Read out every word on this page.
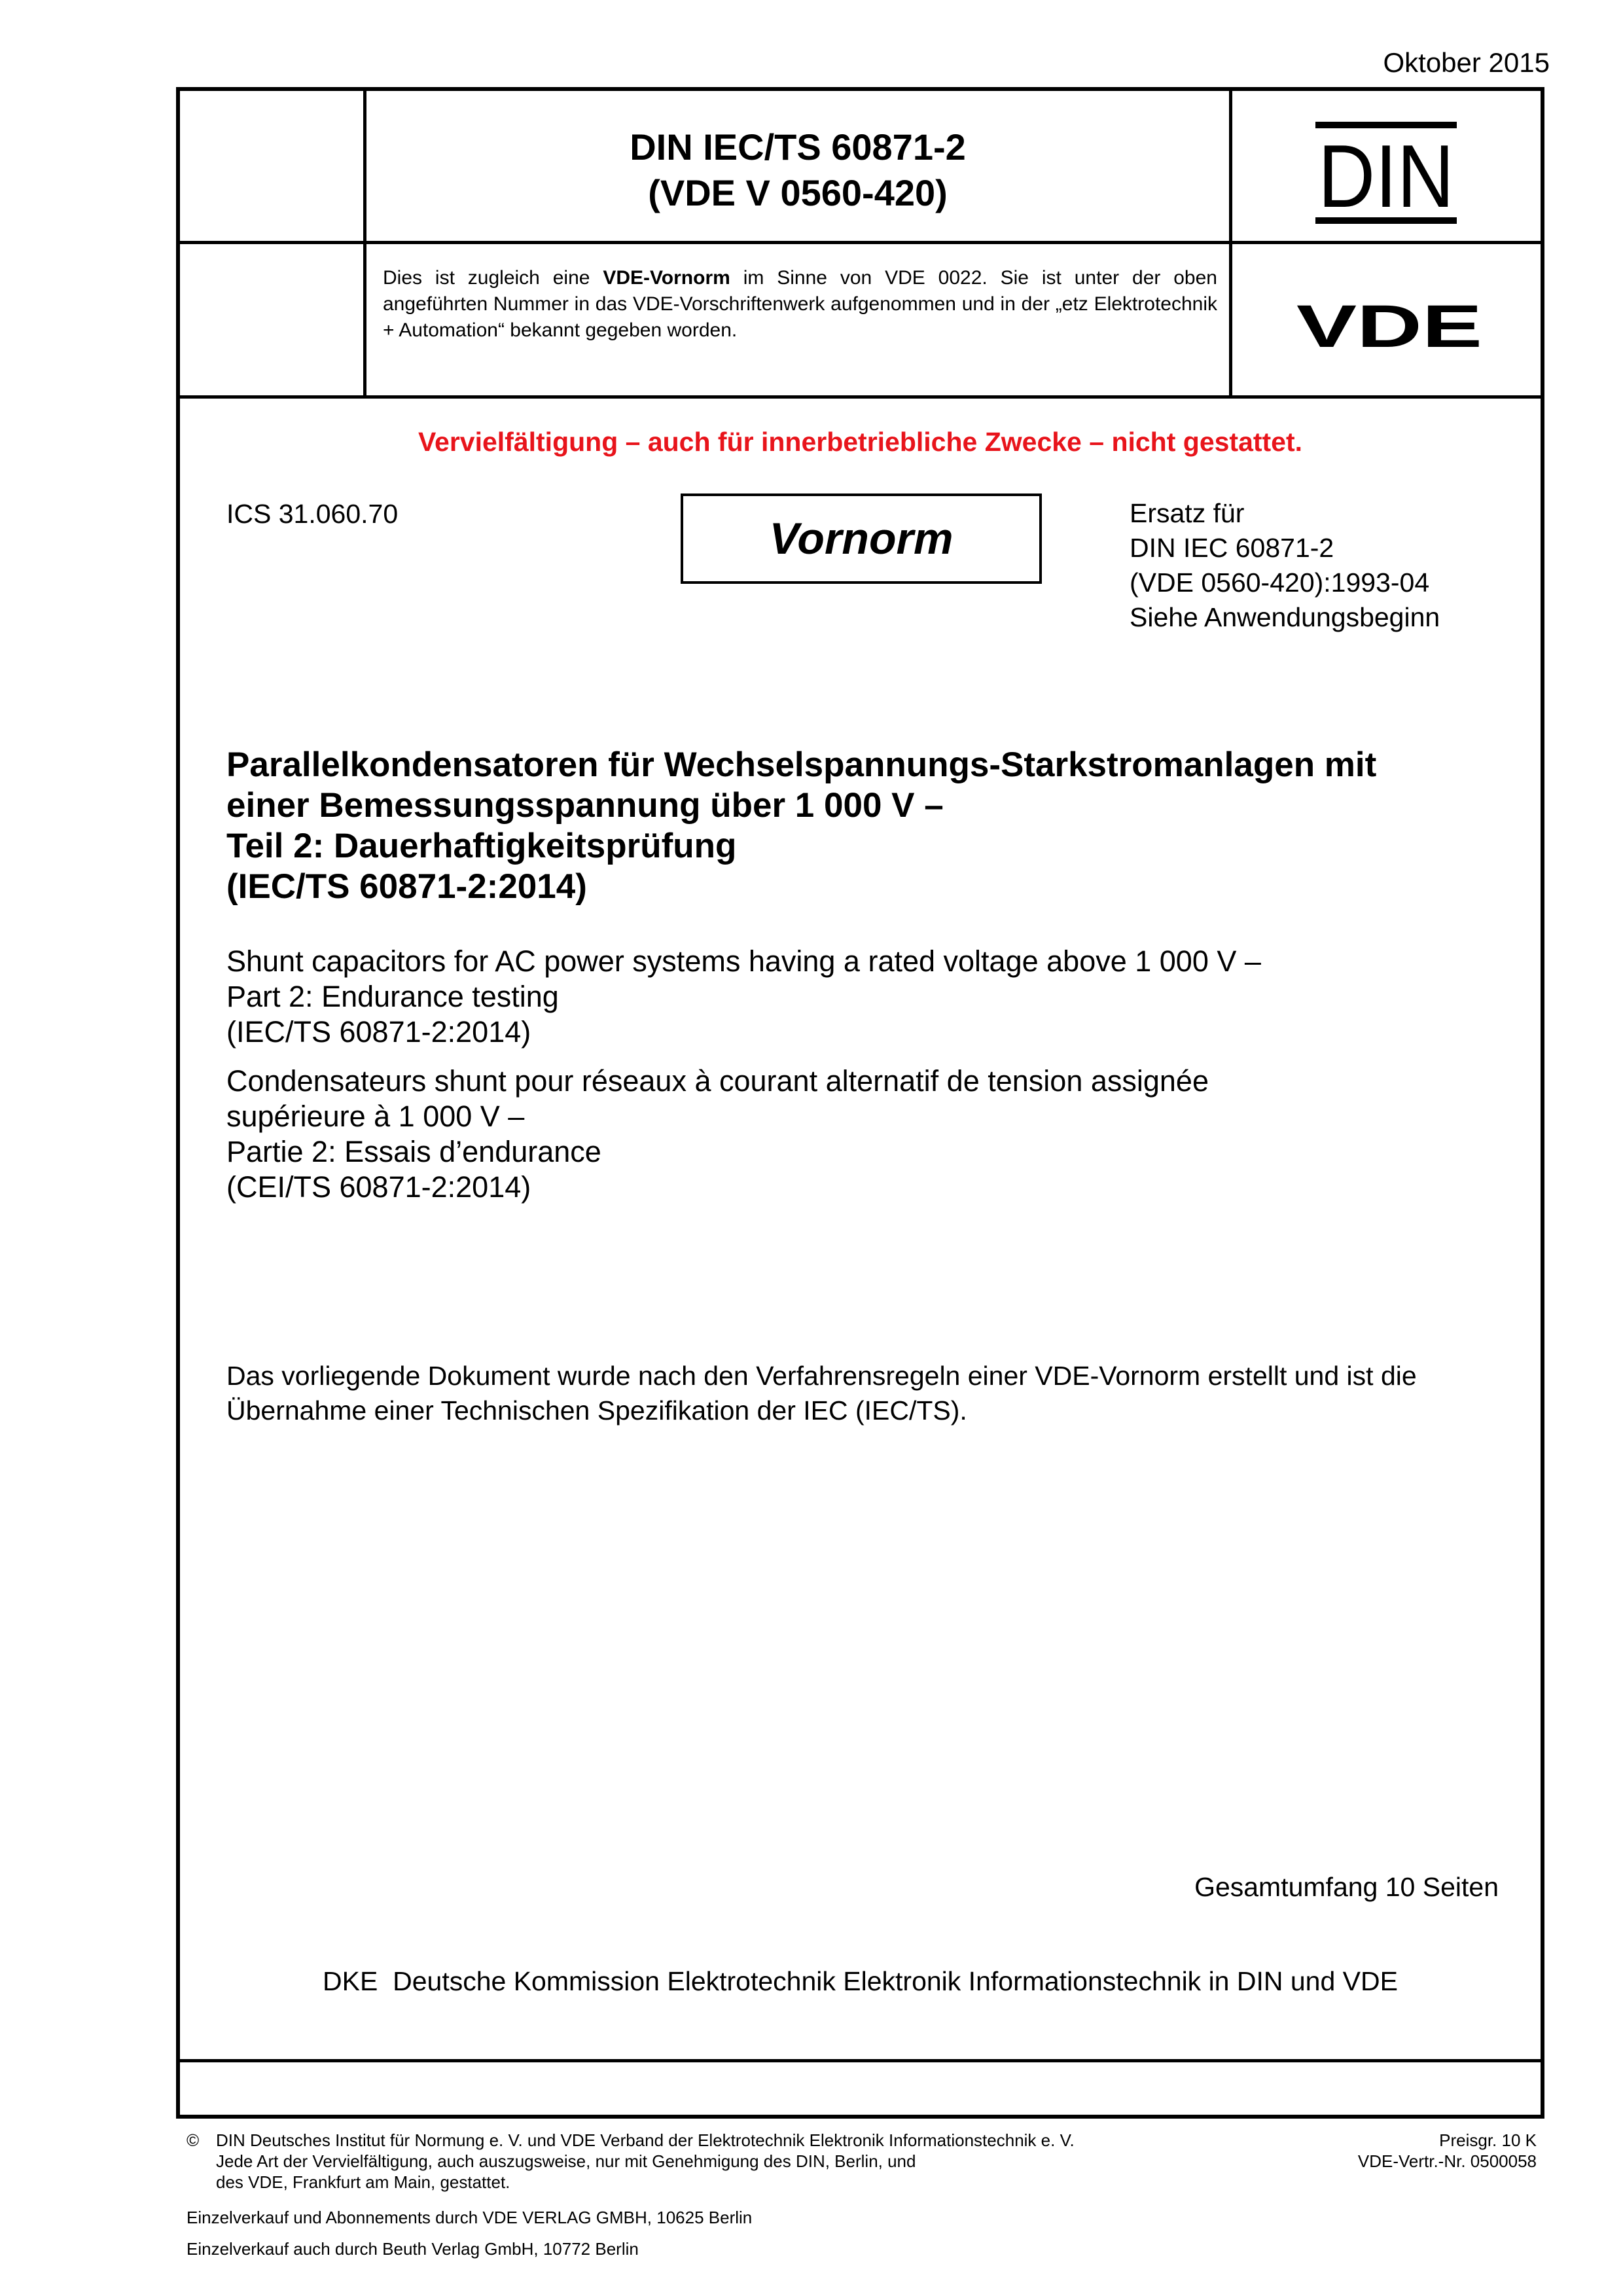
Oktober 2015
DIN IEC/TS 60871-2
(VDE V 0560-420)	DIN
VDE
Dies ist zugleich eine VDE-Vornorm im Sinne von VDE 0022. Sie ist unter der oben angeführten Nummer in das VDE-Vorschriftenwerk aufgenommen und in der „etz Elektrotechnik + Automation“ bekannt gegeben worden.
Vervielfältigung – auch für innerbetriebliche Zwecke – nicht gestattet.
ICS 31.060.70	Vornorm
Ersatz für
DIN IEC 60871-2
(VDE 0560-420):1993-04
Siehe Anwendungsbeginn
Parallelkondensatoren für Wechselspannungs-Starkstromanlagen mit
einer Bemessungsspannung über 1 000 V –
Teil 2: Dauerhaftigkeitsprüfung
(IEC/TS 60871-2:2014)
Shunt capacitors for AC power systems having a rated voltage above 1 000 V –
Part 2: Endurance testing
(IEC/TS 60871-2:2014)
Condensateurs shunt pour réseaux à courant alternatif de tension assignée
supérieure à 1 000 V –
Partie 2: Essais d’endurance
(CEI/TS 60871-2:2014)
Das vorliegende Dokument wurde nach den Verfahrensregeln einer VDE-Vornorm erstellt und ist die
Übernahme einer Technischen Spezifikation der IEC (IEC/TS).
Gesamtumfang 10 Seiten
DKE  Deutsche Kommission Elektrotechnik Elektronik Informationstechnik in DIN und VDE
© DIN Deutsches Institut für Normung e. V. und VDE Verband der Elektrotechnik Elektronik Informationstechnik e. V.
Jede Art der Vervielfältigung, auch auszugsweise, nur mit Genehmigung des DIN, Berlin, und
des VDE, Frankfurt am Main, gestattet.
Preisgr. 10 K
VDE-Vertr.-Nr. 0500058
Einzelverkauf und Abonnements durch VDE VERLAG GMBH, 10625 Berlin
Einzelverkauf auch durch Beuth Verlag GmbH, 10772 Berlin
